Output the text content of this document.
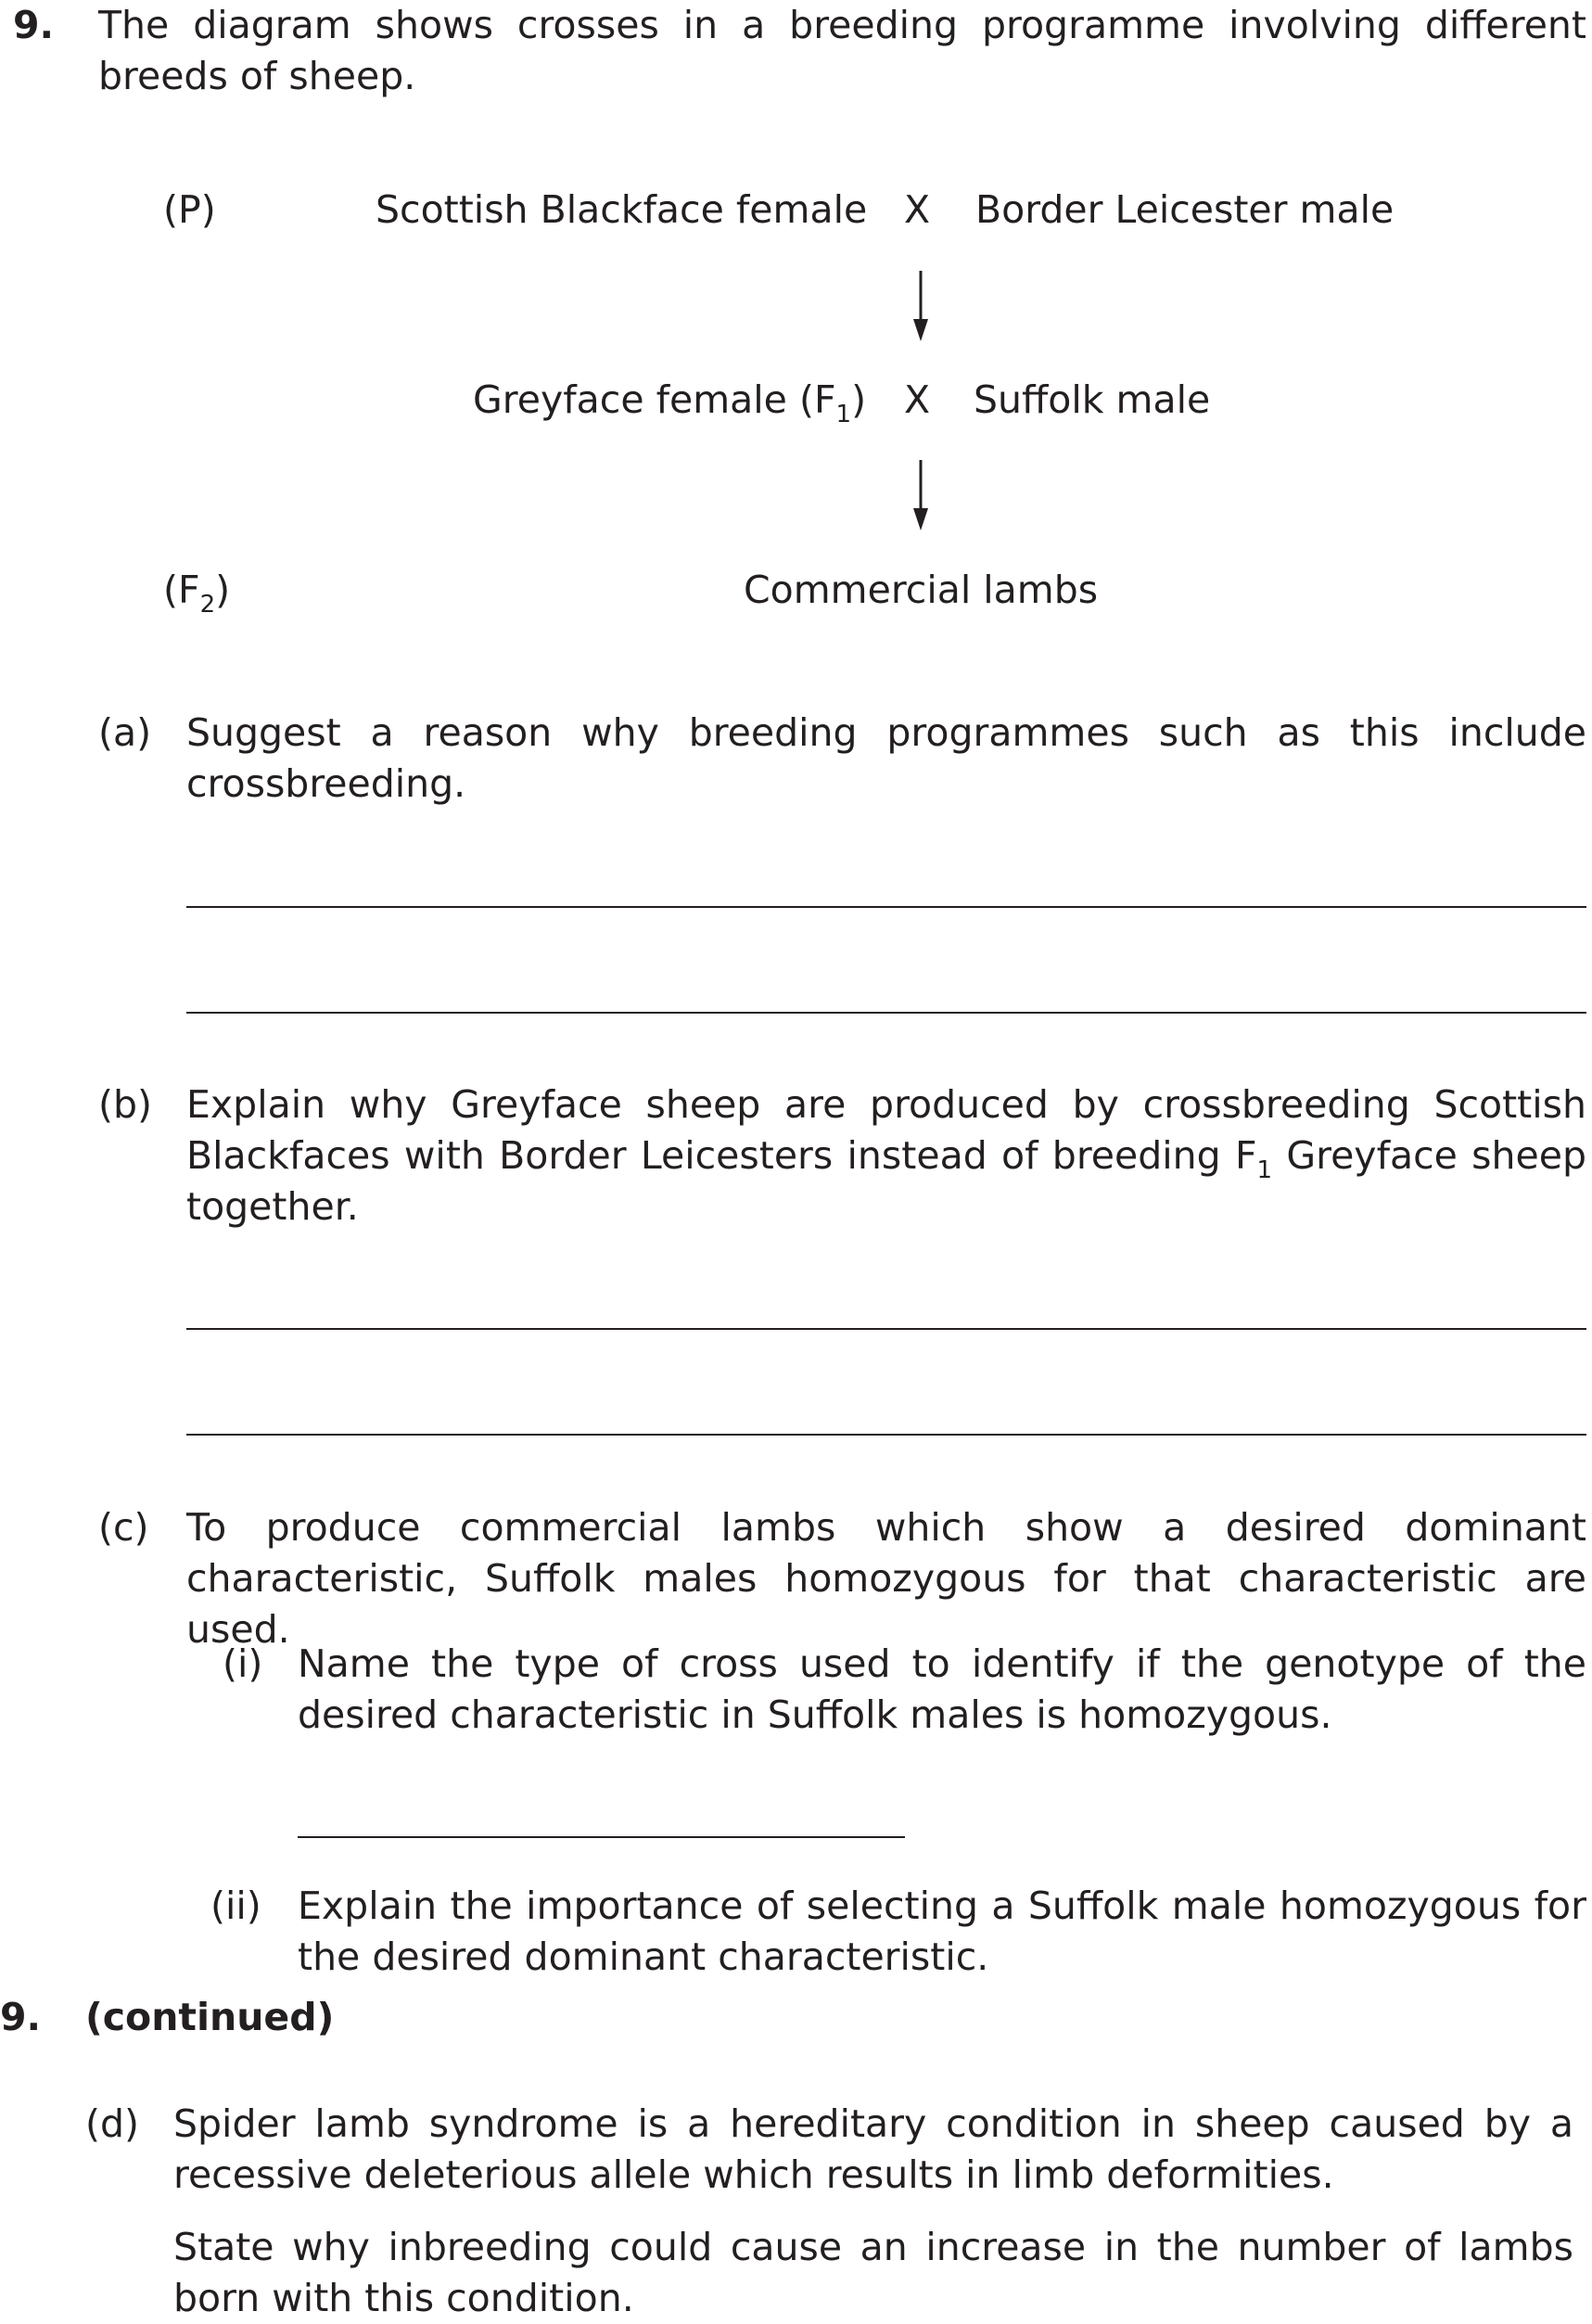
9. The diagram shows crosses in a breeding programme involving different breeds of sheep.
(P)	Scottish Blackface female X Border Leicester male
Greyface female $(F_1)$ X Suffolk male
$(F_2)$	Commercial lambs
(a) Suggest a reason why breeding programmes such as this include crossbreeding.
(b) Explain why Greyface sheep are produced by crossbreeding Scottish Blackfaces with Border Leicesters instead of breeding $F_1$ Greyface sheep together.
(c) To produce commercial lambs which show a desired dominant characteristic, Suffolk males homozygous for that characteristic are used.
(i) Name the type of cross used to identify if the genotype of the desired characteristic in Suffolk males is homozygous.
(ii) Explain the importance of selecting a Suffolk male homozygous for the desired dominant characteristic.
9. (continued)
(d) Spider lamb syndrome is a hereditary condition in sheep caused by a recessive deleterious allele which results in limb deformities.
State why inbreeding could cause an increase in the number of lambs born with this condition.
